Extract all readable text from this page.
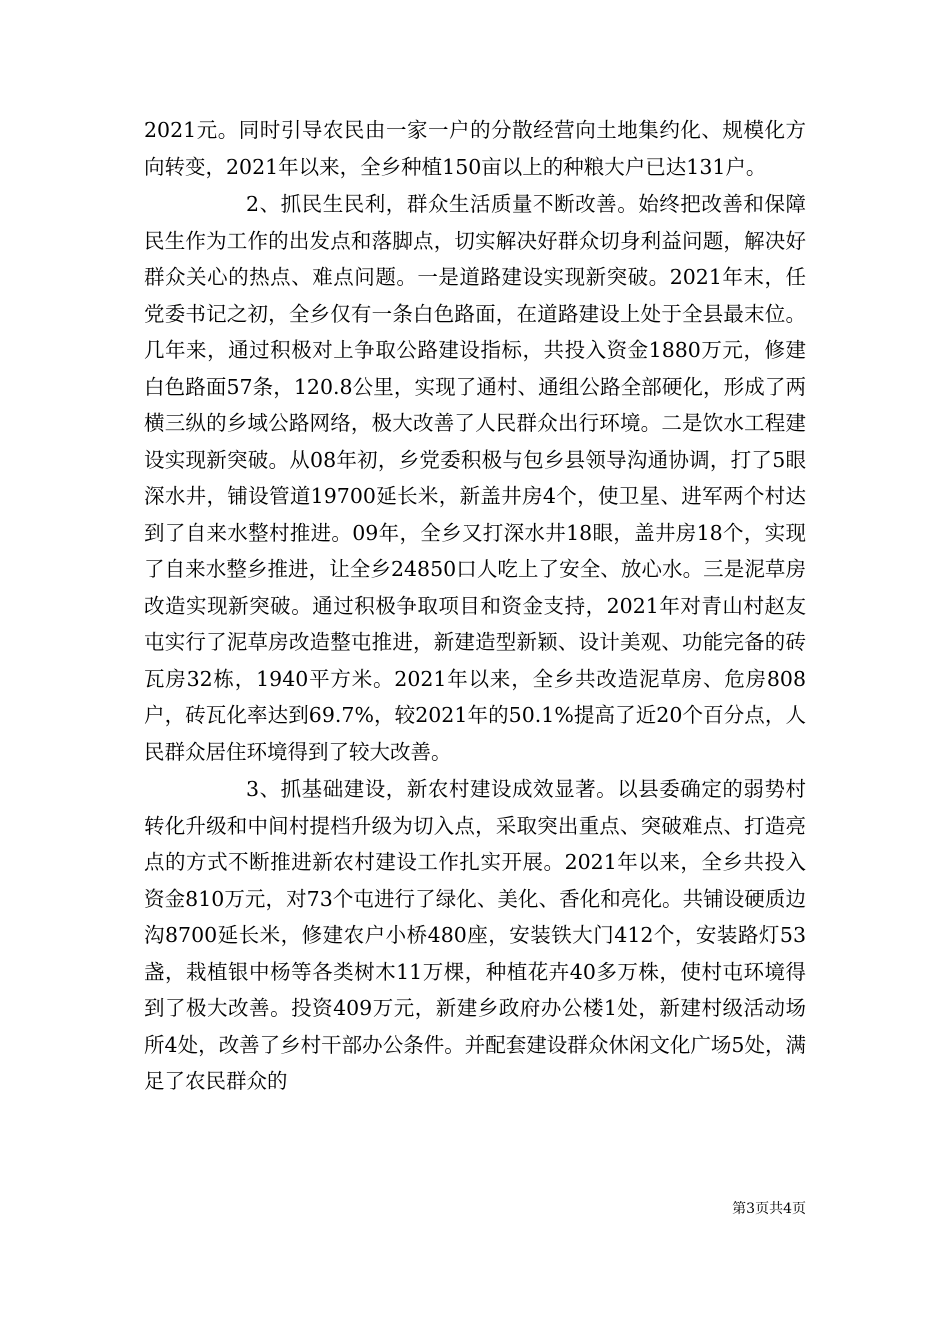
2021元。同时引导农民由一家一户的分散经营向土地集约化、规模化方向转变，2021年以来，全乡种植150亩以上的种粮大户已达131户。

2、抓民生民利，群众生活质量不断改善。始终把改善和保障民生作为工作的出发点和落脚点，切实解决好群众切身利益问题，解决好群众关心的热点、难点问题。一是道路建设实现新突破。2021年末，任党委书记之初，全乡仅有一条白色路面，在道路建设上处于全县最末位。几年来，通过积极对上争取公路建设指标，共投入资金1880万元，修建白色路面57条，120.8公里，实现了通村、通组公路全部硬化，形成了两横三纵的乡域公路网络，极大改善了人民群众出行环境。二是饮水工程建设实现新突破。从08年初，乡党委积极与包乡县领导沟通协调，打了5眼深水井，铺设管道19700延长米，新盖井房4个，使卫星、进军两个村达到了自来水整村推进。09年，全乡又打深水井18眼，盖井房18个，实现了自来水整乡推进，让全乡24850口人吃上了安全、放心水。三是泥草房改造实现新突破。通过积极争取项目和资金支持，2021年对青山村赵友屯实行了泥草房改造整屯推进，新建造型新颖、设计美观、功能完备的砖瓦房32栋，1940平方米。2021年以来，全乡共改造泥草房、危房808户，砖瓦化率达到69.7%，较2021年的50.1%提高了近20个百分点，人民群众居住环境得到了较大改善。

3、抓基础建设，新农村建设成效显著。以县委确定的弱势村转化升级和中间村提档升级为切入点，采取突出重点、突破难点、打造亮点的方式不断推进新农村建设工作扎实开展。2021年以来，全乡共投入资金810万元，对73个屯进行了绿化、美化、香化和亮化。共铺设硬质边沟8700延长米，修建农户小桥480座，安装铁大门412个，安装路灯53盏，栽植银中杨等各类树木11万棵，种植花卉40多万株，使村屯环境得到了极大改善。投资409万元，新建乡政府办公楼1处，新建村级活动场所4处，改善了乡村干部办公条件。并配套建设群众休闲文化广场5处，满足了农民群众的

第3页共4页
